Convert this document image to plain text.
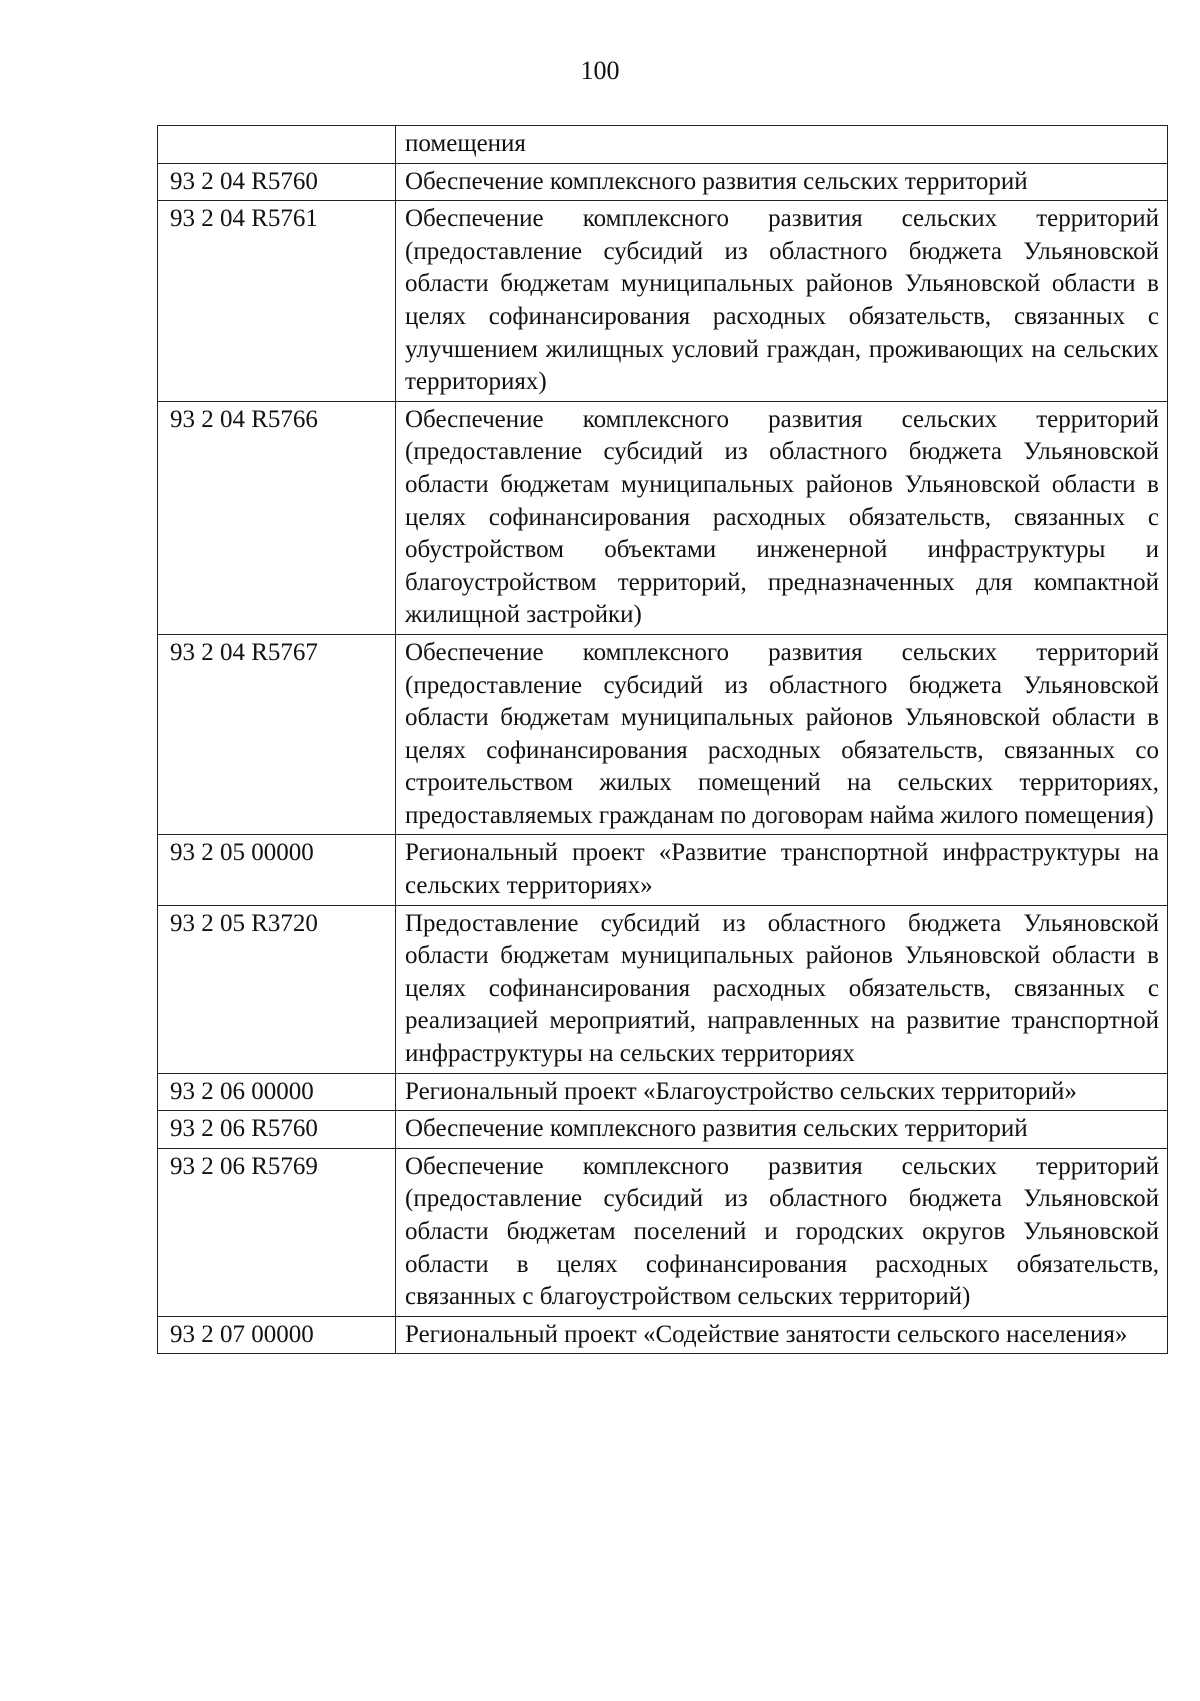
100
	помещения
93 2 04 R5760	Обеспечение комплексного развития сельских территорий
93 2 04 R5761	Обеспечение комплексного развития сельских территорий (предоставление субсидий из областного бюджета Ульяновской области бюджетам муниципальных районов Ульяновской области в целях софинансирования расходных обязательств, связанных с улучшением жилищных условий граждан, проживающих на сельских территориях)
93 2 04 R5766	Обеспечение комплексного развития сельских территорий (предоставление субсидий из областного бюджета Ульяновской области бюджетам муниципальных районов Ульяновской области в целях софинансирования расходных обязательств, связанных с обустройством объектами инженерной инфраструктуры и благоустройством территорий, предназначенных для компактной жилищной застройки)
93 2 04 R5767	Обеспечение комплексного развития сельских территорий (предоставление субсидий из областного бюджета Ульяновской области бюджетам муниципальных районов Ульяновской области в целях софинансирования расходных обязательств, связанных со строительством жилых помещений на сельских территориях, предоставляемых гражданам по договорам найма жилого помещения)
93 2 05 00000	Региональный проект «Развитие транспортной инфраструктуры на сельских территориях»
93 2 05 R3720	Предоставление субсидий из областного бюджета Ульяновской области бюджетам муниципальных районов Ульяновской области в целях софинансирования расходных обязательств, связанных с реализацией мероприятий, направленных на развитие транспортной инфраструктуры на сельских территориях
93 2 06 00000	Региональный проект «Благоустройство сельских территорий»
93 2 06 R5760	Обеспечение комплексного развития сельских территорий
93 2 06 R5769	Обеспечение комплексного развития сельских территорий (предоставление субсидий из областного бюджета Ульяновской области бюджетам поселений и городских округов Ульяновской области в целях софинансирования расходных обязательств, связанных с благоустройством сельских территорий)
93 2 07 00000	Региональный проект «Содействие занятости сельского населения»
